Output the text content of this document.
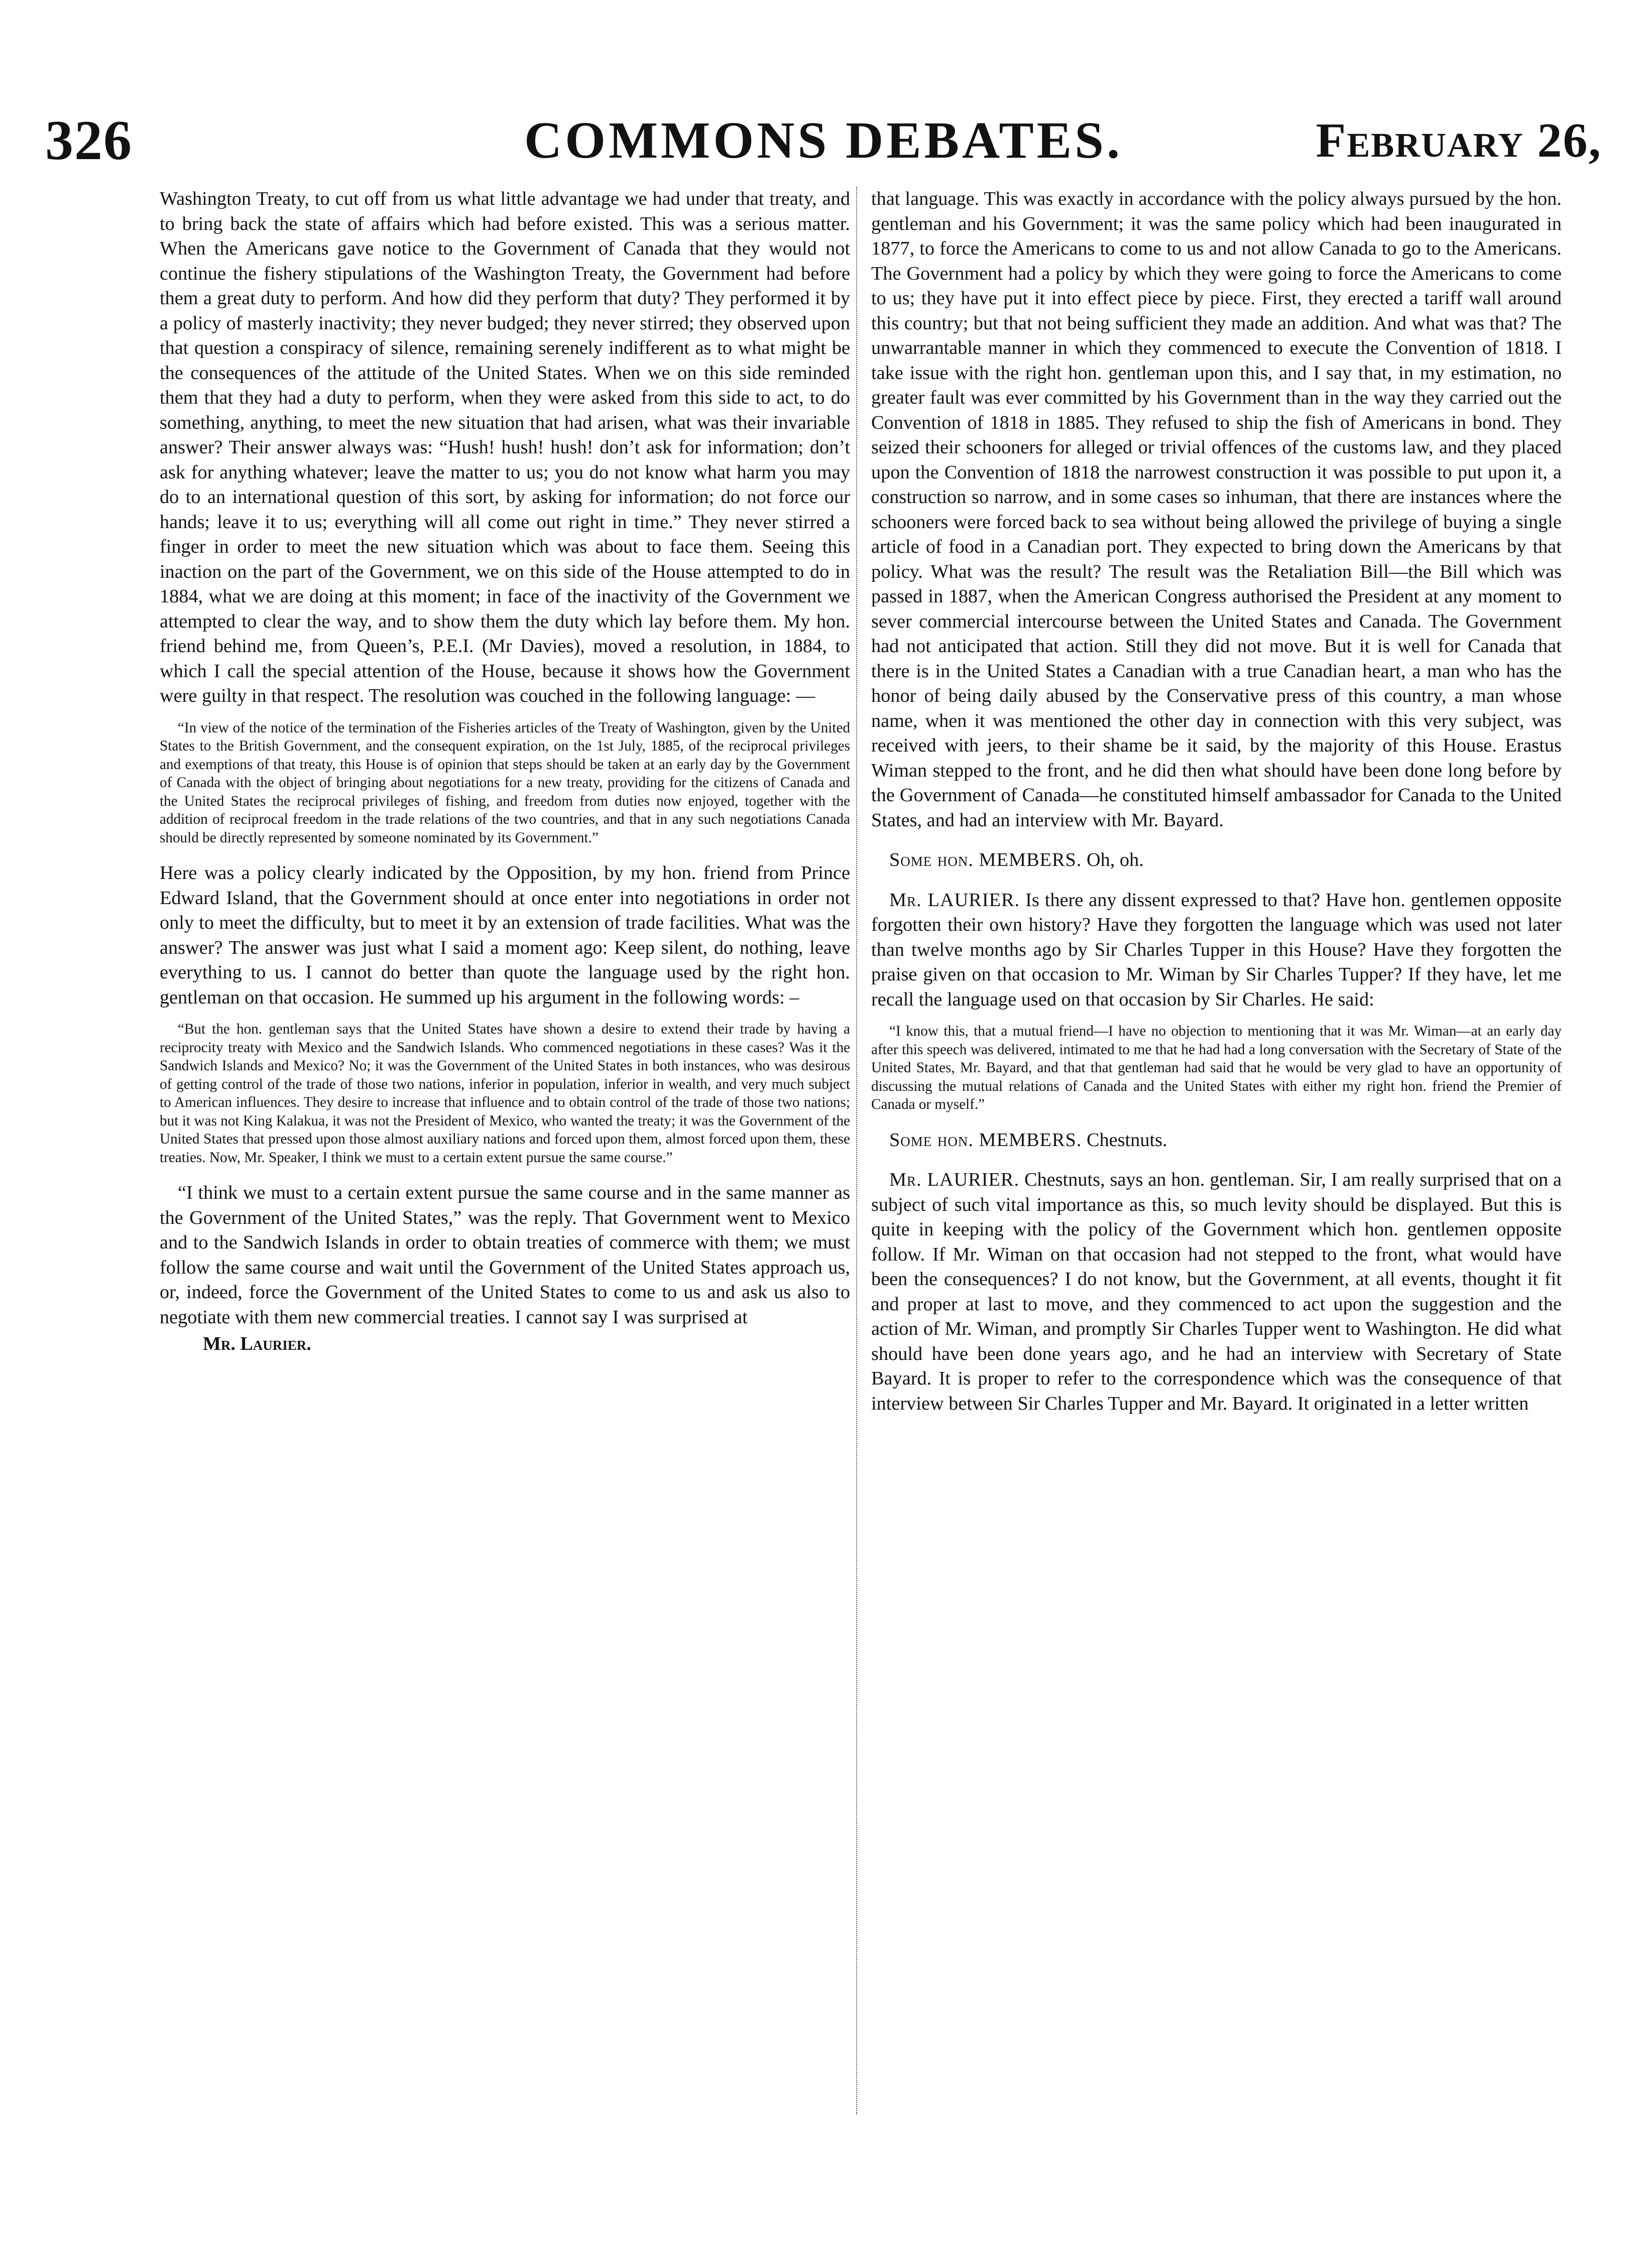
326	COMMONS DEBATES.	February 26,

Washington Treaty, to cut off from us what little advantage we had under that treaty, and to bring back the state of affairs which had before existed. This was a serious matter. When the Americans gave notice to the Government of Canada that they would not continue the fishery stipulations of the Washington Treaty, the Government had before them a great duty to perform. And how did they perform that duty? They performed it by a policy of masterly inactivity; they never budged; they never stirred; they observed upon that question a conspiracy of silence, remaining serenely indifferent as to what might be the consequences of the attitude of the United States. When we on this side reminded them that they had a duty to perform, when they were asked from this side to act, to do something, anything, to meet the new situation that had arisen, what was their invariable answer? Their answer always was: “Hush! hush! hush! don’t ask for information; don’t ask for anything whatever; leave the matter to us; you do not know what harm you may do to an international question of this sort, by asking for information; do not force our hands; leave it to us; everything will all come out right in time.” They never stirred a finger in order to meet the new situation which was about to face them. Seeing this inaction on the part of the Government, we on this side of the House attempted to do in 1884, what we are doing at this moment; in face of the inactivity of the Government we attempted to clear the way, and to show them the duty which lay before them. My hon. friend behind me, from Queen’s, P.E.I. (Mr Davies), moved a resolution, in 1884, to which I call the special attention of the House, because it shows how the Government were guilty in that respect. The resolution was couched in the following language: —

“In view of the notice of the termination of the Fisheries articles of the Treaty of Washington, given by the United States to the British Government, and the consequent expiration, on the 1st July, 1885, of the reciprocal privileges and exemptions of that treaty, this House is of opinion that steps should be taken at an early day by the Government of Canada with the object of bringing about negotiations for a new treaty, providing for the citizens of Canada and the United States the reciprocal privileges of fishing, and freedom from duties now enjoyed, together with the addition of reciprocal freedom in the trade relations of the two countries, and that in any such negotiations Canada should be directly represented by someone nominated by its Government.”

Here was a policy clearly indicated by the Opposition, by my hon. friend from Prince Edward Island, that the Government should at once enter into negotiations in order not only to meet the difficulty, but to meet it by an extension of trade facilities. What was the answer? The answer was just what I said a moment ago: Keep silent, do nothing, leave everything to us. I cannot do better than quote the language used by the right hon. gentleman on that occasion. He summed up his argument in the following words: –

“But the hon. gentleman says that the United States have shown a desire to extend their trade by having a reciprocity treaty with Mexico and the Sandwich Islands. Who commenced negotiations in these cases? Was it the Sandwich Islands and Mexico? No; it was the Government of the United States in both instances, who was desirous of getting control of the trade of those two nations, inferior in population, inferior in wealth, and very much subject to American influences. They desire to increase that influence and to obtain control of the trade of those two nations; but it was not King Kalakua, it was not the President of Mexico, who wanted the treaty; it was the Government of the United States that pressed upon those almost auxiliary nations and forced upon them, almost forced upon them, these treaties. Now, Mr. Speaker, I think we must to a certain extent pursue the same course.”

“I think we must to a certain extent pursue the same course and in the same manner as the Government of the United States,” was the reply. That Government went to Mexico and to the Sandwich Islands in order to obtain treaties of commerce with them; we must follow the same course and wait until the Government of the United States approach us, or, indeed, force the Government of the United States to come to us and ask us also to negotiate with them new commercial treaties. I cannot say I was surprised at

Mr. Laurier.

that language. This was exactly in accordance with the policy always pursued by the hon. gentleman and his Government; it was the same policy which had been inaugurated in 1877, to force the Americans to come to us and not allow Canada to go to the Americans. The Government had a policy by which they were going to force the Americans to come to us; they have put it into effect piece by piece. First, they erected a tariff wall around this country; but that not being sufficient they made an addition. And what was that? The unwarrantable manner in which they commenced to execute the Convention of 1818. I take issue with the right hon. gentleman upon this, and I say that, in my estimation, no greater fault was ever committed by his Government than in the way they carried out the Convention of 1818 in 1885. They refused to ship the fish of Americans in bond. They seized their schooners for alleged or trivial offences of the customs law, and they placed upon the Convention of 1818 the narrowest construction it was possible to put upon it, a construction so narrow, and in some cases so inhuman, that there are instances where the schooners were forced back to sea without being allowed the privilege of buying a single article of food in a Canadian port. They expected to bring down the Americans by that policy. What was the result? The result was the Retaliation Bill—the Bill which was passed in 1887, when the American Congress authorised the President at any moment to sever commercial intercourse between the United States and Canada. The Government had not anticipated that action. Still they did not move. But it is well for Canada that there is in the United States a Canadian with a true Canadian heart, a man who has the honor of being daily abused by the Conservative press of this country, a man whose name, when it was mentioned the other day in connection with this very subject, was received with jeers, to their shame be it said, by the majority of this House. Erastus Wiman stepped to the front, and he did then what should have been done long before by the Government of Canada—he constituted himself ambassador for Canada to the United States, and had an interview with Mr. Bayard.

Some hon. MEMBERS. Oh, oh.

Mr. LAURIER. Is there any dissent expressed to that? Have hon. gentlemen opposite forgotten their own history? Have they forgotten the language which was used not later than twelve months ago by Sir Charles Tupper in this House? Have they forgotten the praise given on that occasion to Mr. Wiman by Sir Charles Tupper? If they have, let me recall the language used on that occasion by Sir Charles. He said:

“I know this, that a mutual friend—I have no objection to mentioning that it was Mr. Wiman—at an early day after this speech was delivered, intimated to me that he had had a long conversation with the Secretary of State of the United States, Mr. Bayard, and that that gentleman had said that he would be very glad to have an opportunity of discussing the mutual relations of Canada and the United States with either my right hon. friend the Premier of Canada or myself.”

Some hon. MEMBERS. Chestnuts.

Mr. LAURIER. Chestnuts, says an hon. gentleman. Sir, I am really surprised that on a subject of such vital importance as this, so much levity should be displayed. But this is quite in keeping with the policy of the Government which hon. gentlemen opposite follow. If Mr. Wiman on that occasion had not stepped to the front, what would have been the consequences? I do not know, but the Government, at all events, thought it fit and proper at last to move, and they commenced to act upon the suggestion and the action of Mr. Wiman, and promptly Sir Charles Tupper went to Washington. He did what should have been done years ago, and he had an interview with Secretary of State Bayard. It is proper to refer to the correspondence which was the consequence of that interview between Sir Charles Tupper and Mr. Bayard. It originated in a letter written
